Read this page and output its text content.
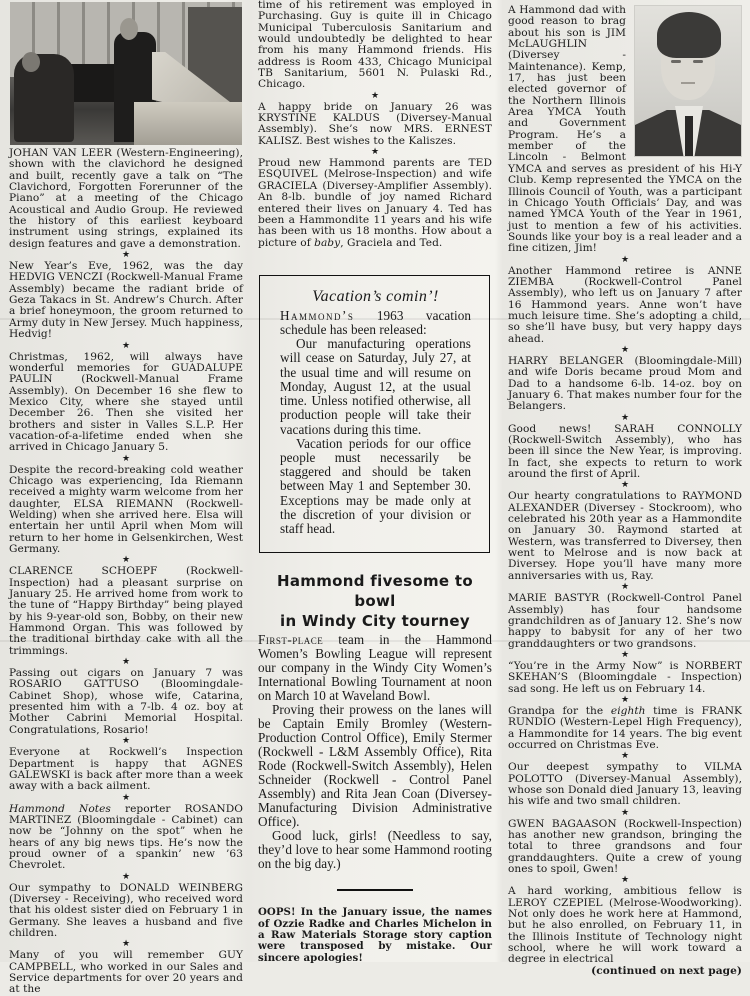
JOHAN VAN LEER (Western-Engineering), shown with the clavichord he designed and built, recently gave a talk on “The Clavichord, Forgotten Forerunner of the Piano” at a meeting of the Chicago Acoustical and Audio Group. He reviewed the history of this earliest keyboard instrument using strings, explained its design features and gave a demonstration.

★

New Year’s Eve, 1962, was the day HEDVIG VENCZI (Rockwell-Manual Frame Assembly) became the radiant bride of Geza Takacs in St. Andrew’s Church. After a brief honeymoon, the groom returned to Army duty in New Jersey. Much happiness, Hedvig!

★

Christmas, 1962, will always have wonderful memories for GUADALUPE PAULIN (Rockwell-Manual Frame Assembly). On December 16 she flew to Mexico City, where she stayed until December 26. Then she visited her brothers and sister in Valles S.L.P. Her vacation-of-a-lifetime ended when she arrived in Chicago January 5.

★

Despite the record-breaking cold weather Chicago was experiencing, Ida Riemann received a mighty warm welcome from her daughter, ELSA RIEMANN (Rockwell-Welding) when she arrived here. Elsa will entertain her until April when Mom will return to her home in Gelsenkirchen, West Germany.

★

CLARENCE SCHOEPF (Rockwell-Inspection) had a pleasant surprise on January 25. He arrived home from work to the tune of “Happy Birthday” being played by his 9-year-old son, Bobby, on their new Hammond Organ. This was followed by the traditional birthday cake with all the trimmings.

★

Passing out cigars on January 7 was ROSARIO GATTUSO (Bloomingdale-Cabinet Shop), whose wife, Catarina, presented him with a 7-lb. 4 oz. boy at Mother Cabrini Memorial Hospital. Congratulations, Rosario!

★

Everyone at Rockwell’s Inspection Department is happy that AGNES GALEWSKI is back after more than a week away with a back ailment.

★

Hammond Notes reporter ROSANDO MARTINEZ (Bloomingdale - Cabinet) can now be “Johnny on the spot” when he hears of any big news tips. He’s now the proud owner of a spankin’ new ’63 Chevrolet.

★

Our sympathy to DONALD WEINBERG (Diversey - Receiving), who received word that his oldest sister died on February 1 in Germany. She leaves a husband and five children.

★

Many of you will remember GUY CAMPBELL, who worked in our Sales and Service departments for over 20 years and at the

time of his retirement was employed in Purchasing. Guy is quite ill in Chicago Municipal Tuberculosis Sanitarium and would undoubtedly be delighted to hear from his many Hammond friends. His address is Room 433, Chicago Municipal TB Sanitarium, 5601 N. Pulaski Rd., Chicago.

★

A happy bride on January 26 was KRYSTINE KALDUS (Diversey-Manual Assembly). She’s now MRS. ERNEST KALISZ. Best wishes to the Kaliszes.

★

Proud new Hammond parents are TED ESQUIVEL (Melrose-Inspection) and wife GRACIELA (Diversey-Amplifier Assembly). An 8-lb. bundle of joy named Richard entered their lives on January 4. Ted has been a Hammondite 11 years and his wife has been with us 18 months. How about a picture of baby, Graciela and Ted.

Vacation’s comin’!

Hammond’s 1963 vacation schedule has been released:

Our manufacturing operations will cease on Saturday, July 27, at the usual time and will resume on Monday, August 12, at the usual time. Unless notified otherwise, all production people will take their vacations during this time.

Vacation periods for our office people must necessarily be staggered and should be taken between May 1 and September 30. Exceptions may be made only at the discretion of your division or staff head.

Hammond fivesome to bowl
in Windy City tourney

First-place team in the Hammond Women’s Bowling League will represent our company in the Windy City Women’s International Bowling Tournament at noon on March 10 at Waveland Bowl.

Proving their prowess on the lanes will be Captain Emily Bromley (Western-Production Control Office), Emily Stermer (Rockwell - L&M Assembly Office), Rita Rode (Rockwell-Switch Assembly), Helen Schneider (Rockwell - Control Panel Assembly) and Rita Jean Coan (Diversey-Manufacturing Division Administrative Office).

Good luck, girls! (Needless to say, they’d love to hear some Hammond rooting on the big day.)

OOPS! In the January issue, the names of Ozzie Radke and Charles Michelon in a Raw Materials Storage story caption were transposed by mistake. Our sincere apologies!

A Hammond dad with good reason to brag about his son is JIM McLAUGHLIN (Diversey - Maintenance). Kemp, 17, has just been elected governor of the Northern Illinois Area YMCA Youth and Government Program. He’s a member of the Lincoln - Belmont YMCA and serves as president of his Hi-Y Club. Kemp represented the YMCA on the Illinois Council of Youth, was a participant in Chicago Youth Officials’ Day, and was named YMCA Youth of the Year in 1961, just to mention a few of his activities. Sounds like your boy is a real leader and a fine citizen, Jim!

★

Another Hammond retiree is ANNE ZIEMBA (Rockwell-Control Panel Assembly), who left us on January 7 after 16 Hammond years. Anne won’t have much leisure time. She’s adopting a child, so she’ll have busy, but very happy days ahead.

★

HARRY BELANGER (Bloomingdale-Mill) and wife Doris became proud Mom and Dad to a handsome 6-lb. 14-oz. boy on January 6. That makes number four for the Belangers.

★

Good news! SARAH CONNOLLY (Rockwell-Switch Assembly), who has been ill since the New Year, is improving. In fact, she expects to return to work around the first of April.

★

Our hearty congratulations to RAYMOND ALEXANDER (Diversey - Stockroom), who celebrated his 20th year as a Hammondite on January 30. Raymond started at Western, was transferred to Diversey, then went to Melrose and is now back at Diversey. Hope you’ll have many more anniversaries with us, Ray.

★

MARIE BASTYR (Rockwell-Control Panel Assembly) has four handsome grandchildren as of January 12. She’s now happy to babysit for any of her two granddaughters or two grandsons.

★

“You’re in the Army Now” is NORBERT SKEHAN’S (Bloomingdale - Inspection) sad song. He left us on February 14.

★

Grandpa for the eighth time is FRANK RUNDIO (Western-Lepel High Frequency), a Hammondite for 14 years. The big event occurred on Christmas Eve.

★

Our deepest sympathy to VILMA POLOTTO (Diversey-Manual Assembly), whose son Donald died January 13, leaving his wife and two small children.

★

GWEN BAGAASON (Rockwell-Inspection) has another new grandson, bringing the total to three grandsons and four granddaughters. Quite a crew of young ones to spoil, Gwen!

★

A hard working, ambitious fellow is LEROY CZEPIEL (Melrose-Woodworking). Not only does he work here at Hammond, but he also enrolled, on February 11, in the Illinois Institute of Technology night school, where he will work toward a degree in electrical

(continued on next page)
